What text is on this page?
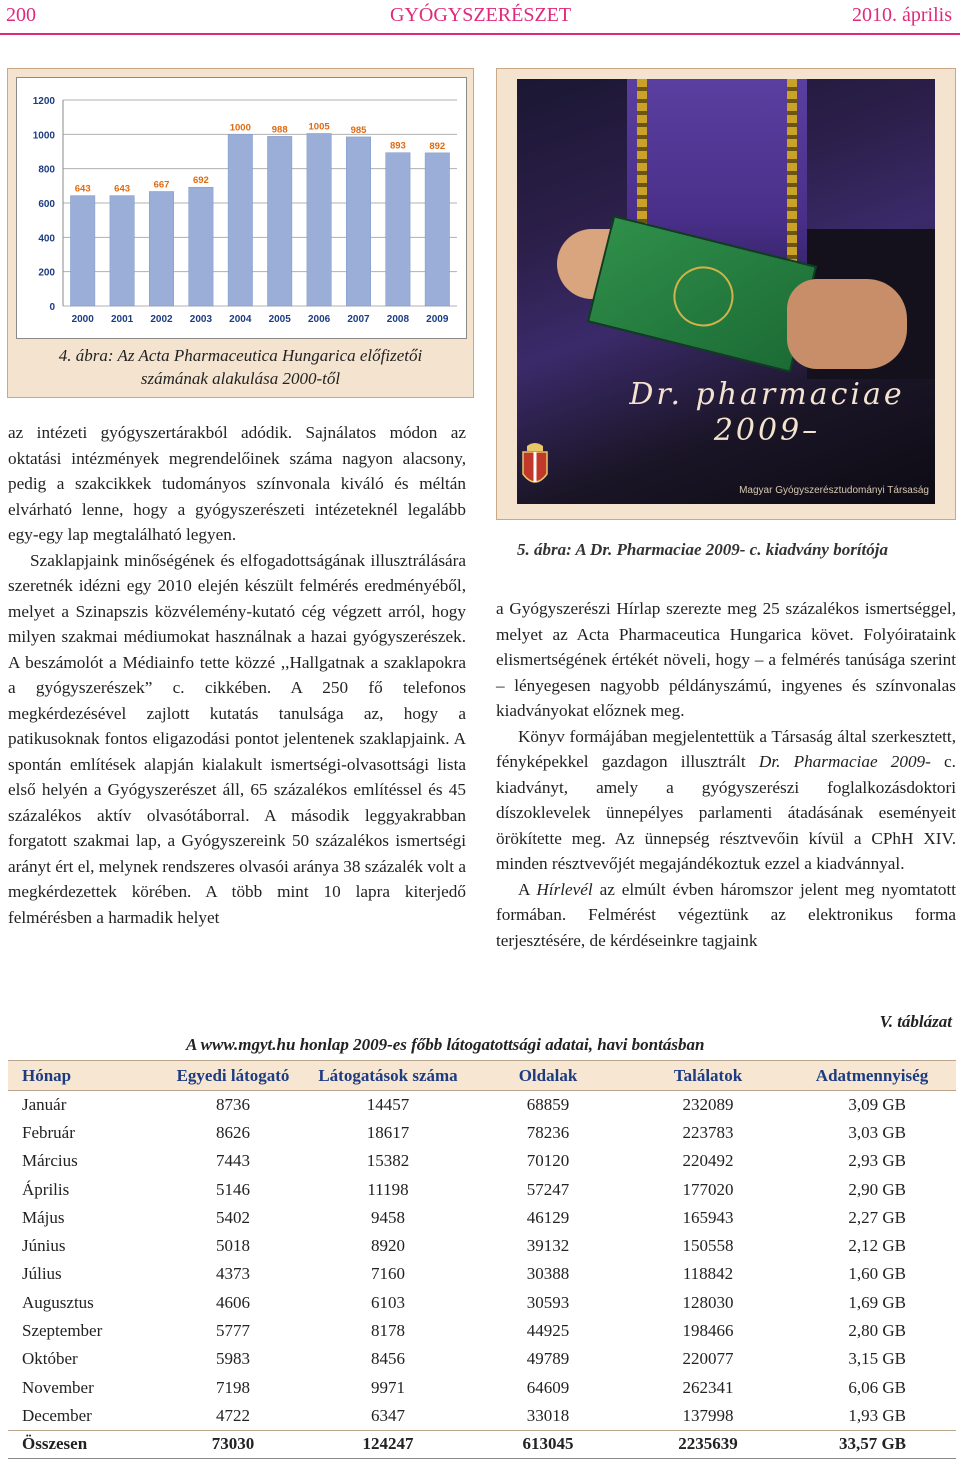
200	GYÓGYSZERÉSZET	2010. április
0
200
400
600
800
1000
1200
643
2000
643
2001
667
2002
692
2003
1000
2004
988
2005
1005
2006
985
2007
893
2008
892
2009
4. ábra: Az Acta Pharmaceutica Hungarica előfizetői
számának alakulása 2000-től

az intézeti gyógyszertárakból adódik. Sajnálatos módon az oktatási intézmények megrendelőinek száma nagyon alacsony, pedig a szakcikkek tudományos színvonala kiváló és méltán elvárható lenne, hogy a gyógyszerészeti intézeteknél legalább egy-egy lap megtalálható legyen.

Szaklapjaink minőségének és elfogadottságának illusztrálására szeretnék idézni egy 2010 elején készült felmérés eredményéből, melyet a Szinapszis közvélemény-kutató cég végzett arról, hogy milyen szakmai médiumokat használnak a hazai gyógyszerészek. A beszámolót a Médiainfo tette közzé ,,Hallgatnak a szaklapokra a gyógyszerészek” c. cikkében. A 250 fő telefonos megkérdezésével zajlott kutatás tanulsága az, hogy a patikusoknak fontos eligazodási pontot jelentenek szaklapjaink. A spontán említések alapján kialakult ismertségi-olvasottsági lista első helyén a Gyógyszerészet áll, 65 százalékos említéssel és 45 százalékos aktív olvasótáborral. A második leggyakrabban forgatott szakmai lap, a Gyógyszereink 50 százalékos ismertségi arányt ért el, melynek rendszeres olvasói aránya 38 százalék volt a megkérdezettek körében. A több mint 10 lapra kiterjedő felmérésben a harmadik helyet

Dr. pharmaciae
2009–
Magyar Gyógyszerésztudományi Társaság
5. ábra: A Dr. Pharmaciae 2009- c. kiadvány borítója

a Gyógyszerészi Hírlap szerezte meg 25 százalékos ismertséggel, melyet az Acta Pharmaceutica Hungarica követ. Folyóirataink elismertségének értékét növeli, hogy – a felmérés tanúsága szerint – lényegesen nagyobb példányszámú, ingyenes és színvonalas kiadványokat előznek meg.

Könyv formájában megjelentettük a Társaság által szerkesztett, fényképekkel gazdagon illusztrált Dr. Pharmaciae 2009- c. kiadványt, amely a gyógyszerészi foglalkozásdoktori díszoklevelek ünnepélyes parlamenti átadásának eseményeit örökítette meg. Az ünnepség résztvevőin kívül a CPhH XIV. minden résztvevőjét megajándékoztuk ezzel a kiadvánnyal.

A Hírlevél az elmúlt évben háromszor jelent meg nyomtatott formában. Felmérést végeztünk az elektronikus forma terjesztésére, de kérdéseinkre tagjaink

V. táblázat
A www.mgyt.hu honlap 2009-es főbb látogatottsági adatai, havi bontásban
Hónap	Egyedi látogató	Látogatások száma	Oldalak	Találatok	Adatmennyiség
Január	8736	14457	68859	232089	3,09 GB
Február	8626	18617	78236	223783	3,03 GB
Március	7443	15382	70120	220492	2,93 GB
Április	5146	11198	57247	177020	2,90 GB
Május	5402	9458	46129	165943	2,27 GB
Június	5018	8920	39132	150558	2,12 GB
Július	4373	7160	30388	118842	1,60 GB
Augusztus	4606	6103	30593	128030	1,69 GB
Szeptember	5777	8178	44925	198466	2,80 GB
Október	5983	8456	49789	220077	3,15 GB
November	7198	9971	64609	262341	6,06 GB
December	4722	6347	33018	137998	1,93 GB
Összesen	73030	124247	613045	2235639	33,57 GB
